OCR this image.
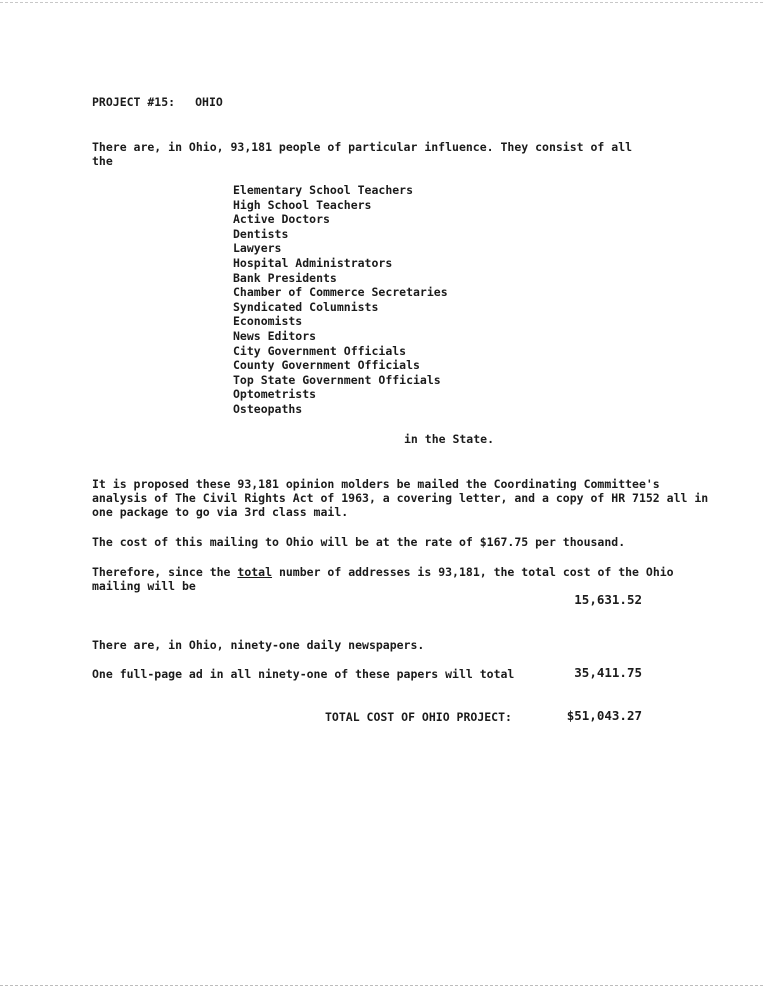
PROJECT #15: OHIO
There are, in Ohio, 93,181 people of particular influence. They consist of all the
Elementary School Teachers
High School Teachers
Active Doctors
Dentists
Lawyers
Hospital Administrators
Bank Presidents
Chamber of Commerce Secretaries
Syndicated Columnists
Economists
News Editors
City Government Officials
County Government Officials
Top State Government Officials
Optometrists
Osteopaths
in the State.
It is proposed these 93,181 opinion molders be mailed the Coordinating Committee's analysis of The Civil Rights Act of 1963, a covering letter, and a copy of HR 7152 all in one package to go via 3rd class mail.
The cost of this mailing to Ohio will be at the rate of $167.75 per thousand.
Therefore, since the total number of addresses is 93,181, the total cost of the Ohio mailing will be
15,631.52
There are, in Ohio, ninety-one daily newspapers.
One full-page ad in all ninety-one of these papers will total	35,411.75
TOTAL COST OF OHIO PROJECT:	$51,043.27
